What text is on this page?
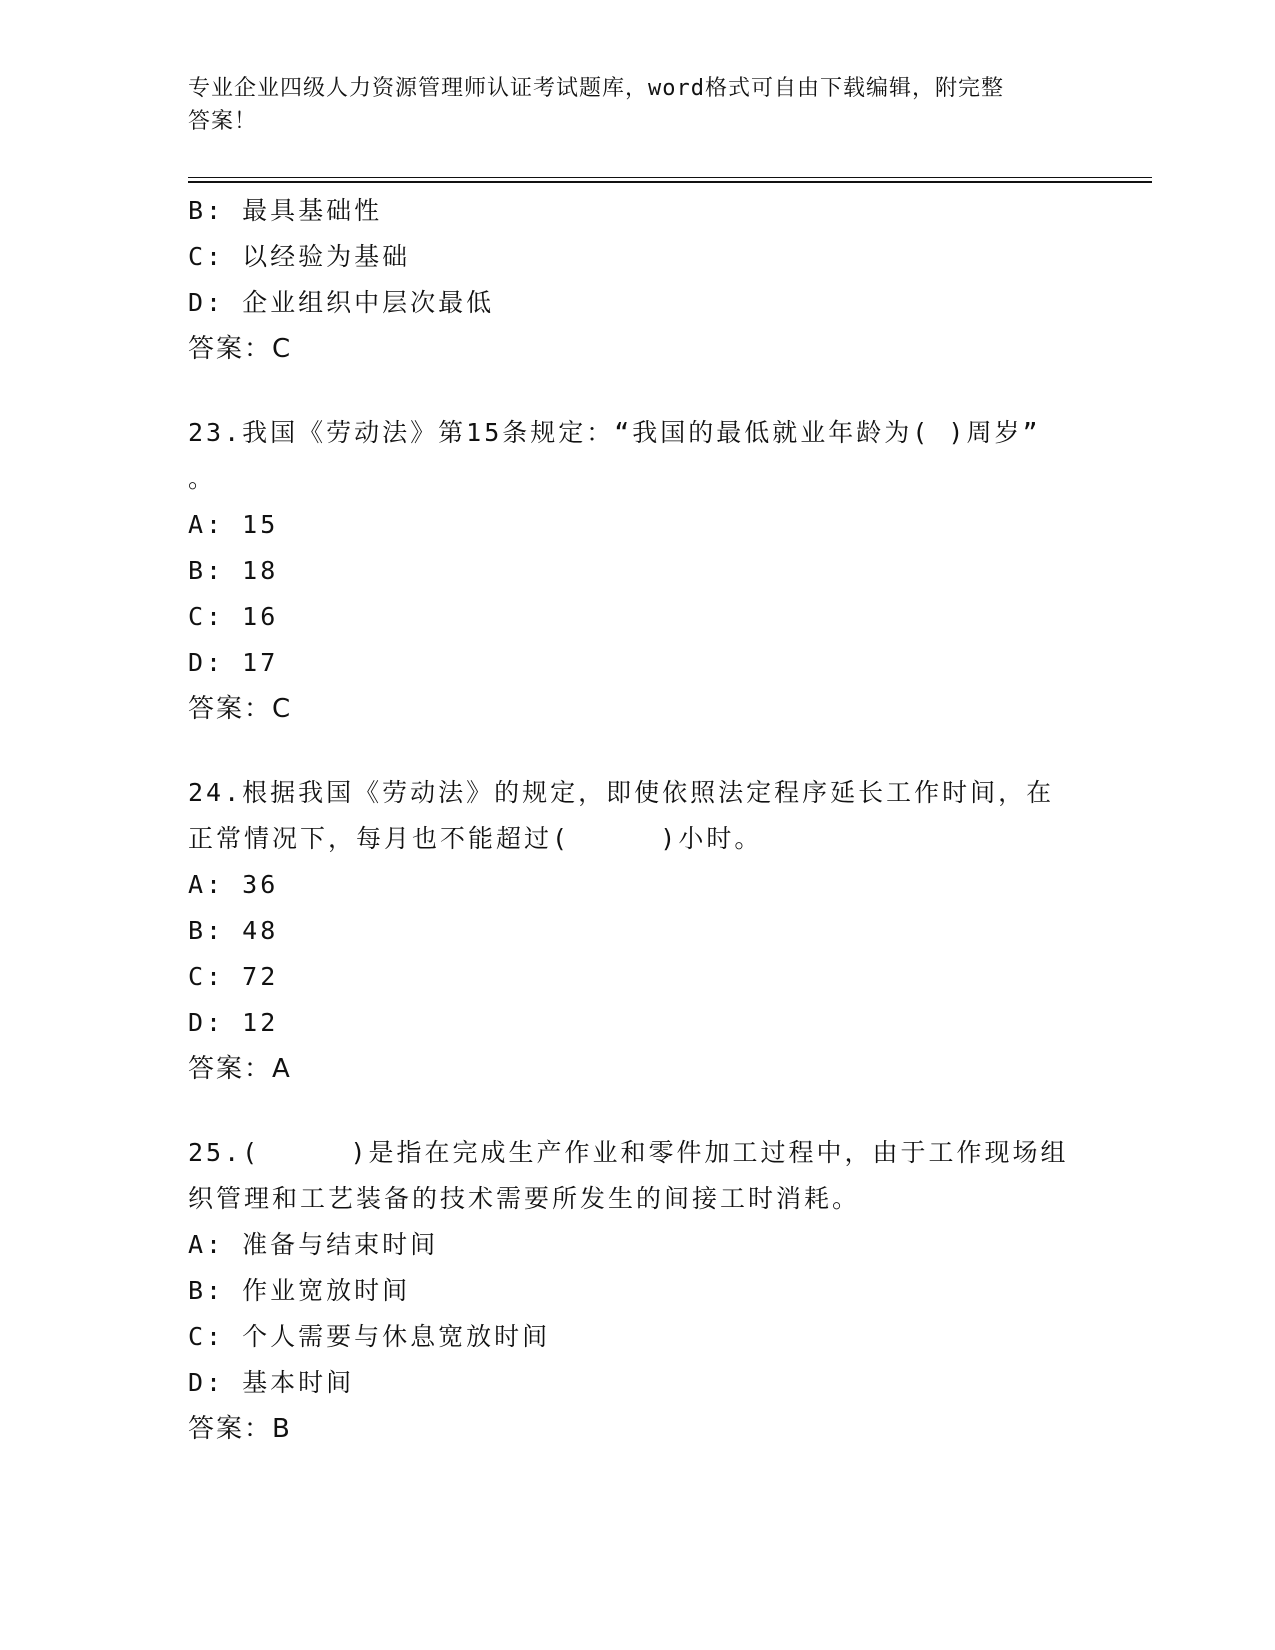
专业企业四级人力资源管理师认证考试题库，word格式可自由下载编辑，附完整
答案！
B: 最具基础性
C: 以经验为基础
D: 企业组织中层次最低
答案：C
23.我国《劳动法》第15条规定：“我国的最低就业年龄为( )周岁”
。
A: 15
B: 18
C: 16
D: 17
答案：C
24.根据我国《劳动法》的规定，即使依照法定程序延长工作时间，在
正常情况下，每月也不能超过(     )小时。
A: 36
B: 48
C: 72
D: 12
答案：A
25.(     )是指在完成生产作业和零件加工过程中，由于工作现场组
织管理和工艺装备的技术需要所发生的间接工时消耗。
A: 准备与结束时间
B: 作业宽放时间
C: 个人需要与休息宽放时间
D: 基本时间
答案：B
